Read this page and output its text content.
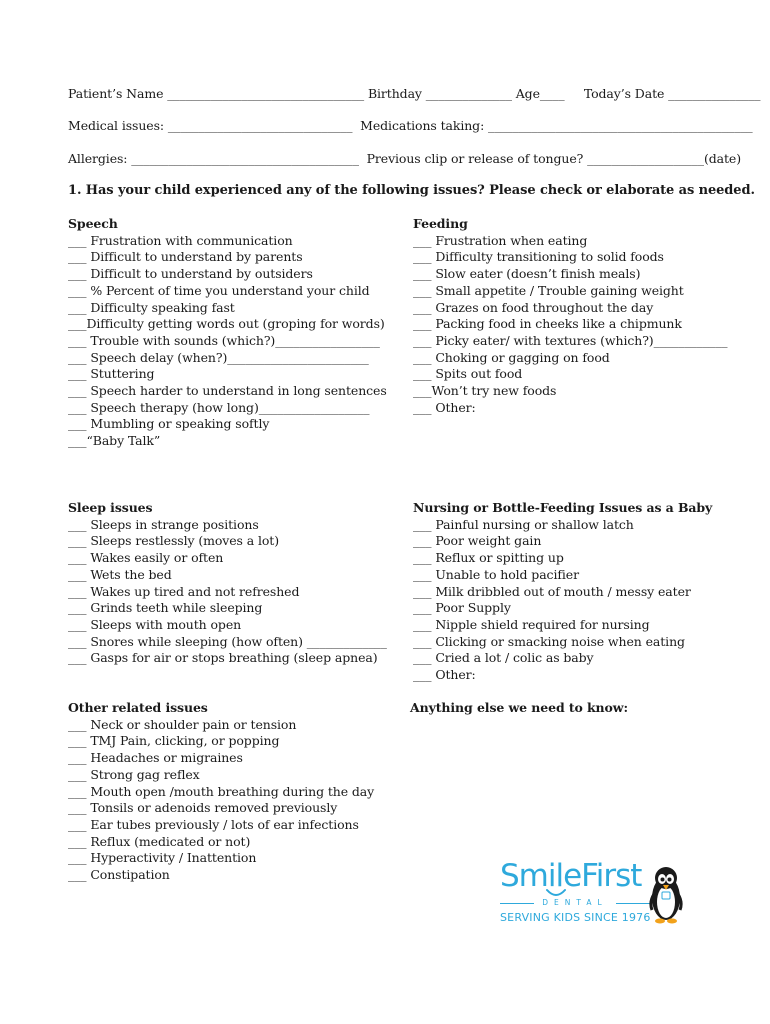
Patient’s Name ________________________________ Birthday ______________ Age____     Today’s Date _______________
Medical issues: ______________________________  Medications taking: ___________________________________________
Allergies: _____________________________________  Previous clip or release of tongue? ___________________(date)
1. Has your child experienced any of the following issues? Please check or elaborate as needed.
Speech
___ Frustration with communication
___ Difficult to understand by parents
___ Difficult to understand by outsiders
___ % Percent of time you understand your child
___ Difficulty speaking fast
___Difficulty getting words out (groping for words)
___ Trouble with sounds (which?)_________________
___ Speech delay (when?)_______________________
___ Stuttering
___ Speech harder to understand in long sentences
___ Speech therapy (how long)__________________
___ Mumbling or speaking softly
___“Baby Talk”
Feeding
___ Frustration when eating
___ Difficulty transitioning to solid foods
___ Slow eater (doesn’t finish meals)
___ Small appetite / Trouble gaining weight
___ Grazes on food throughout the day
___ Packing food in cheeks like a chipmunk
___ Picky eater/ with textures (which?)____________
___ Choking or gagging on food
___ Spits out food
___Won’t try new foods
___ Other:
Sleep issues
___ Sleeps in strange positions
___ Sleeps restlessly (moves a lot)
___ Wakes easily or often
___ Wets the bed
___ Wakes up tired and not refreshed
___ Grinds teeth while sleeping
___ Sleeps with mouth open
___ Snores while sleeping (how often) _____________
___ Gasps for air or stops breathing (sleep apnea)
Nursing or Bottle-Feeding Issues as a Baby
___ Painful nursing or shallow latch
___ Poor weight gain
___ Reflux or spitting up
___ Unable to hold pacifier
___ Milk dribbled out of mouth / messy eater
___ Poor Supply
___ Nipple shield required for nursing
___ Clicking or smacking noise when eating
___ Cried a lot / colic as baby
___ Other:
Other related issues
___ Neck or shoulder pain or tension
___ TMJ Pain, clicking, or popping
___ Headaches or migraines
___ Strong gag reflex
___ Mouth open /mouth breathing during the day
___ Tonsils or adenoids removed previously
___ Ear tubes previously / lots of ear infections
___ Reflux (medicated or not)
___ Hyperactivity / Inattention
___ Constipation
Anything else we need to know:
SmileFirst
DENTAL
SERVING KIDS SINCE 1976
